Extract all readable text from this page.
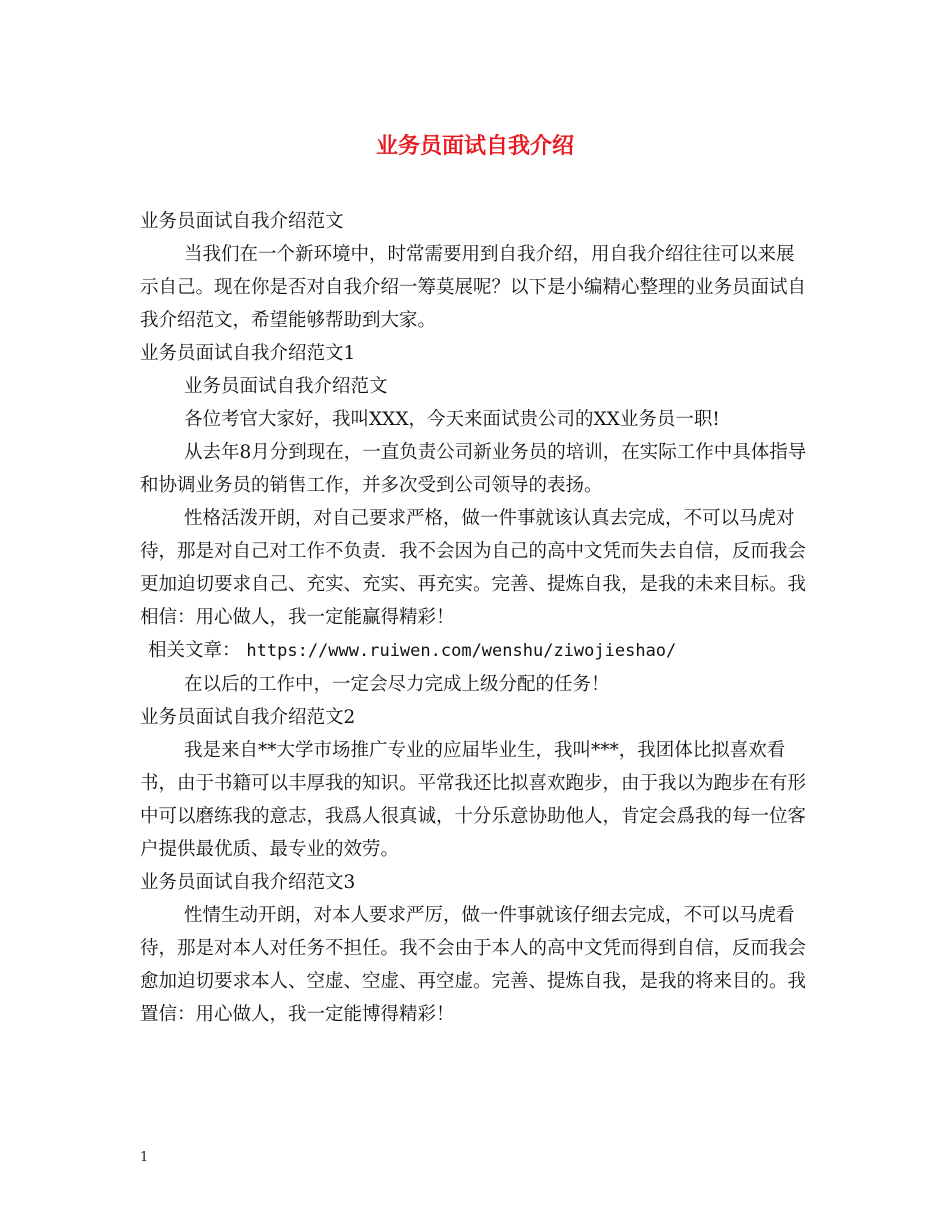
业务员面试自我介绍

业务员面试自我介绍范文

当我们在一个新环境中，时常需要用到自我介绍，用自我介绍往往可以来展示自己。现在你是否对自我介绍一筹莫展呢？以下是小编精心整理的业务员面试自我介绍范文，希望能够帮助到大家。

业务员面试自我介绍范文1

业务员面试自我介绍范文

各位考官大家好，我叫XXX，今天来面试贵公司的XX业务员一职!

从去年8月分到现在，一直负责公司新业务员的培训，在实际工作中具体指导和协调业务员的销售工作，并多次受到公司领导的表扬。

性格活泼开朗，对自己要求严格，做一件事就该认真去完成，不可以马虎对待，那是对自己对工作不负责．我不会因为自己的高中文凭而失去自信，反而我会更加迫切要求自己、充实、充实、再充实。完善、提炼自我，是我的未来目标。我相信：用心做人，我一定能赢得精彩！

相关文章： https://www.ruiwen.com/wenshu/ziwojieshao/

在以后的工作中，一定会尽力完成上级分配的任务！

业务员面试自我介绍范文2

我是来自**大学市场推广专业的应届毕业生，我叫***，我团体比拟喜欢看书，由于书籍可以丰厚我的知识。平常我还比拟喜欢跑步，由于我以为跑步在有形中可以磨练我的意志，我爲人很真诚，十分乐意协助他人，肯定会爲我的每一位客户提供最优质、最专业的效劳。

业务员面试自我介绍范文3

性情生动开朗，对本人要求严厉，做一件事就该仔细去完成，不可以马虎看待，那是对本人对任务不担任。我不会由于本人的高中文凭而得到自信，反而我会愈加迫切要求本人、空虚、空虚、再空虚。完善、提炼自我，是我的将来目的。我置信：用心做人，我一定能博得精彩！

1
